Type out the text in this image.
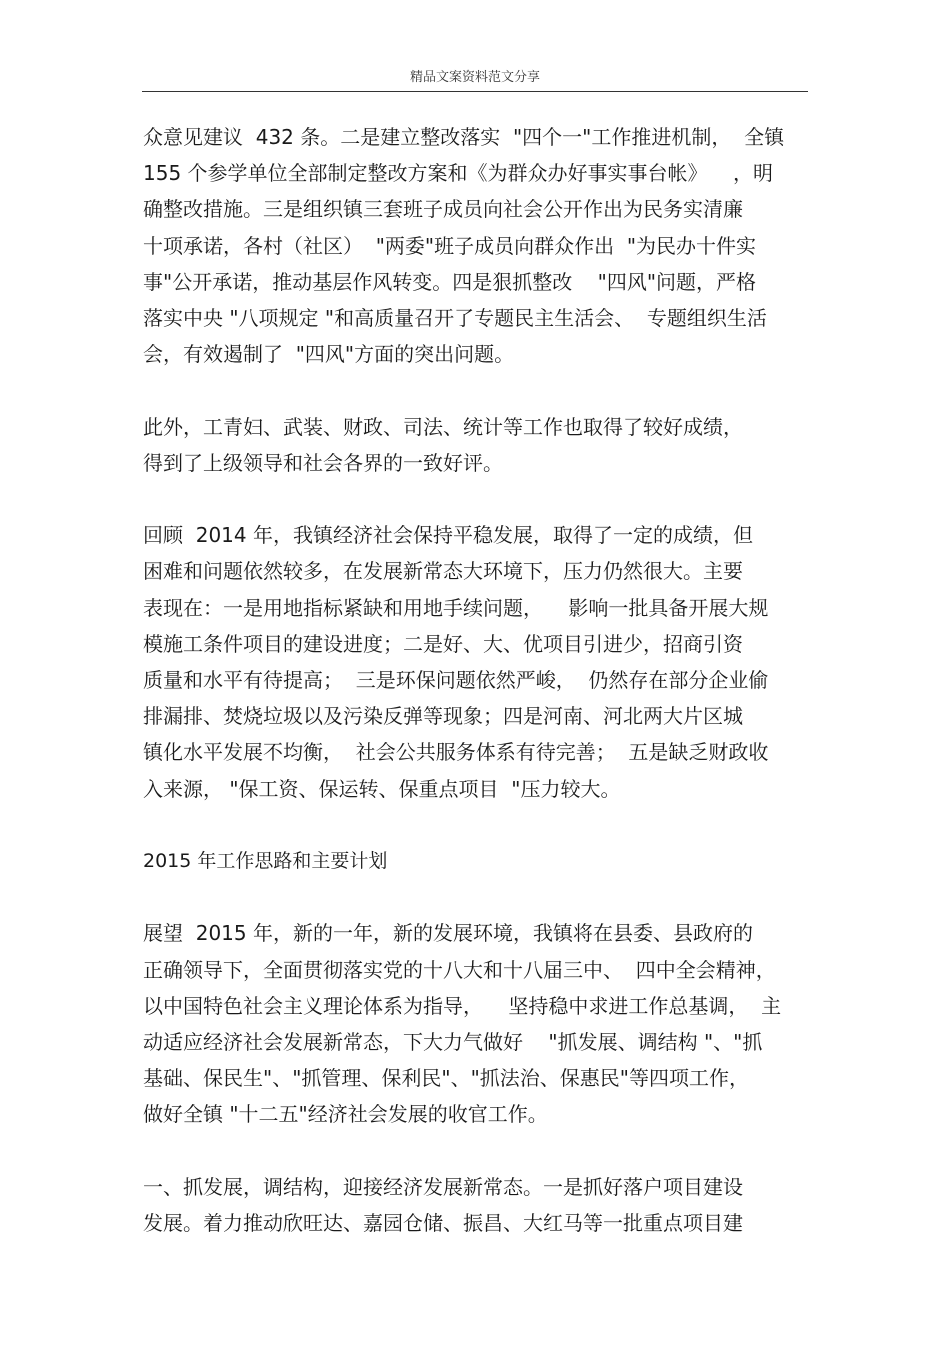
精品文案资料范文分享
众意见建议  432 条。二是建立整改落实  "四个一"工作推进机制，  全镇
155 个参学单位全部制定整改方案和《为群众办好事实事台帐》    ，明
确整改措施。三是组织镇三套班子成员向社会公开作出为民务实清廉
十项承诺，各村（社区）  "两委"班子成员向群众作出  "为民办十件实
事"公开承诺，推动基层作风转变。四是狠抓整改    "四风"问题，严格
落实中央 "八项规定 "和高质量召开了专题民主生活会、  专题组织生活
会，有效遏制了  "四风"方面的突出问题。
此外，工青妇、武装、财政、司法、统计等工作也取得了较好成绩，
得到了上级领导和社会各界的一致好评。
回顾  2014 年，我镇经济社会保持平稳发展，取得了一定的成绩，但
困难和问题依然较多，在发展新常态大环境下，压力仍然很大。主要
表现在：一是用地指标紧缺和用地手续问题，    影响一批具备开展大规
模施工条件项目的建设进度；二是好、大、优项目引进少，招商引资
质量和水平有待提高；  三是环保问题依然严峻，  仍然存在部分企业偷
排漏排、焚烧垃圾以及污染反弹等现象；四是河南、河北两大片区城
镇化水平发展不均衡，  社会公共服务体系有待完善；  五是缺乏财政收
入来源， "保工资、保运转、保重点项目  "压力较大。
2015 年工作思路和主要计划
展望  2015 年，新的一年，新的发展环境，我镇将在县委、县政府的
正确领导下，全面贯彻落实党的十八大和十八届三中、  四中全会精神，
以中国特色社会主义理论体系为指导，    坚持稳中求进工作总基调，  主
动适应经济社会发展新常态，下大力气做好    "抓发展、调结构 "、"抓
基础、保民生"、"抓管理、保利民"、"抓法治、保惠民"等四项工作，
做好全镇 "十二五"经济社会发展的收官工作。
一、抓发展，调结构，迎接经济发展新常态。一是抓好落户项目建设
发展。着力推动欣旺达、嘉园仓储、振昌、大红马等一批重点项目建
